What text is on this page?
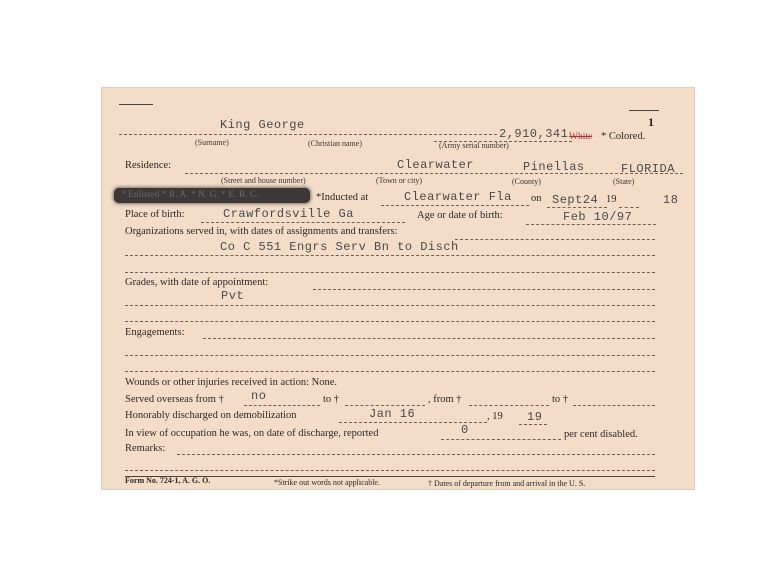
1
King George
2,910,341 White * Colored.
(Surname)	(Christian name)	(Army serial number)
Residence:	Clearwater	Pinellas	FLORIDA
(Street and house number)	(Town or city)	(County)	(State)
* Enlisted * R. A. * N. G. * E. R. C.	*Inducted at	Clearwater Fla on Sept24 19	18
Place of birth:	Crawfordsville Ga	Age or date of birth:	Feb 10/97
Organizations served in, with dates of assignments and transfers:
Co C 551 Engrs Serv Bn to Disch
Grades, with date of appointment:
Pvt
Engagements:
Wounds or other injuries received in action: None.
Served overseas from † no	to †	, from †	to †
Honorably discharged on demobilization	Jan 16	, 19 19
In view of occupation he was, on date of discharge, reported	0	per cent disabled.
Remarks:
Form No. 724-1, A. G. O.	*Strike out words not applicable.	† Dates of departure from and arrival in the U. S.
